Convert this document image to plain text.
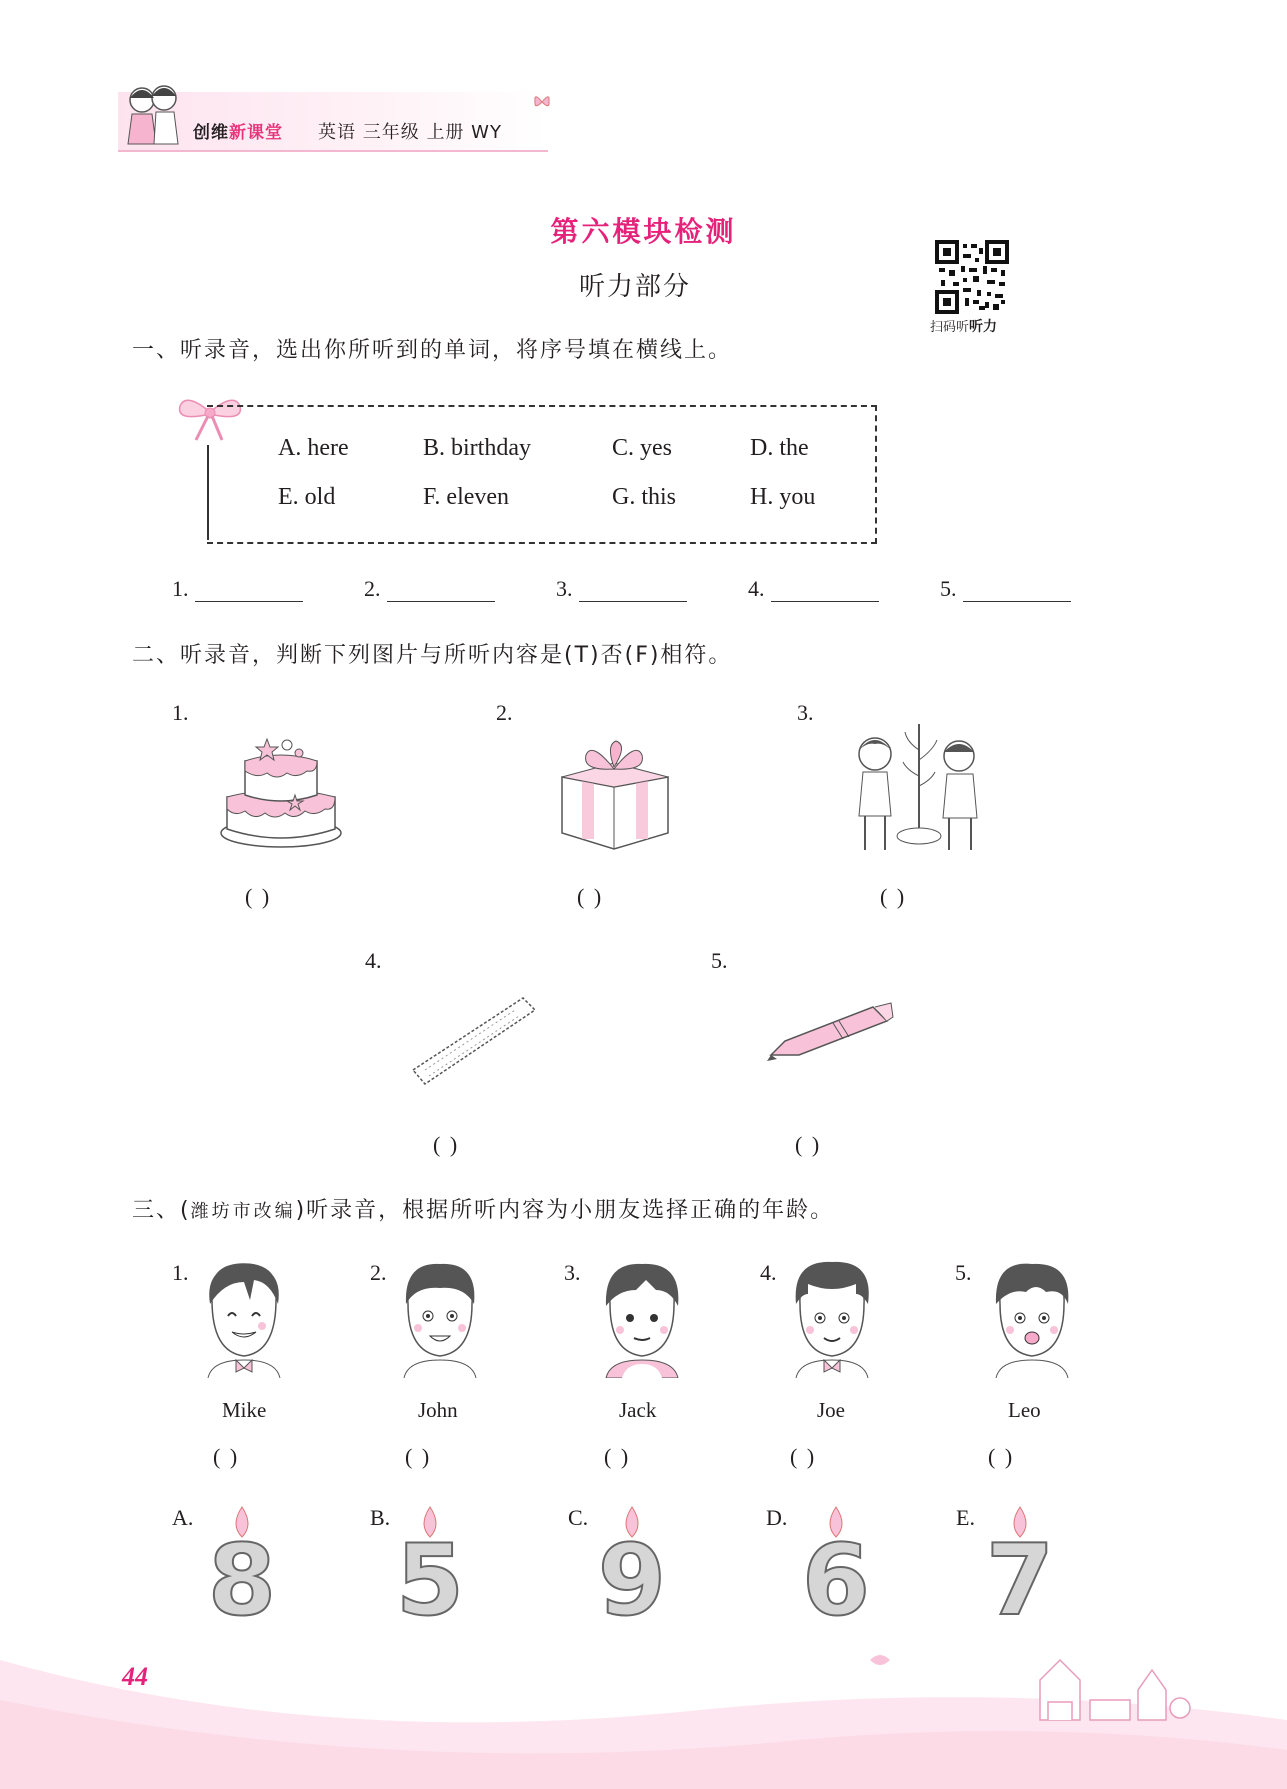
创维新课堂 英语 三年级 上册 WY
第六模块检测
听力部分
扫码听听力
一、听录音，选出你所听到的单词，将序号填在横线上。
A. here	B. birthday	C. yes	D. the
E. old	F. eleven	G. this	H. you
1.	2.	3.	4.	5.
二、听录音，判断下列图片与所听内容是(T)否(F)相符。
1.
( )
2.
( )
3.
( )
4.
( )
5.
( )
三、(潍坊市改编)听录音，根据所听内容为小朋友选择正确的年龄。
1.
Mike
( )
2.
John
( )
3.
Jack
( )
4.
Joe
( )
5.
Leo
( )
A.
8
B.
5
C.
9
D.
6
E.
7
44
